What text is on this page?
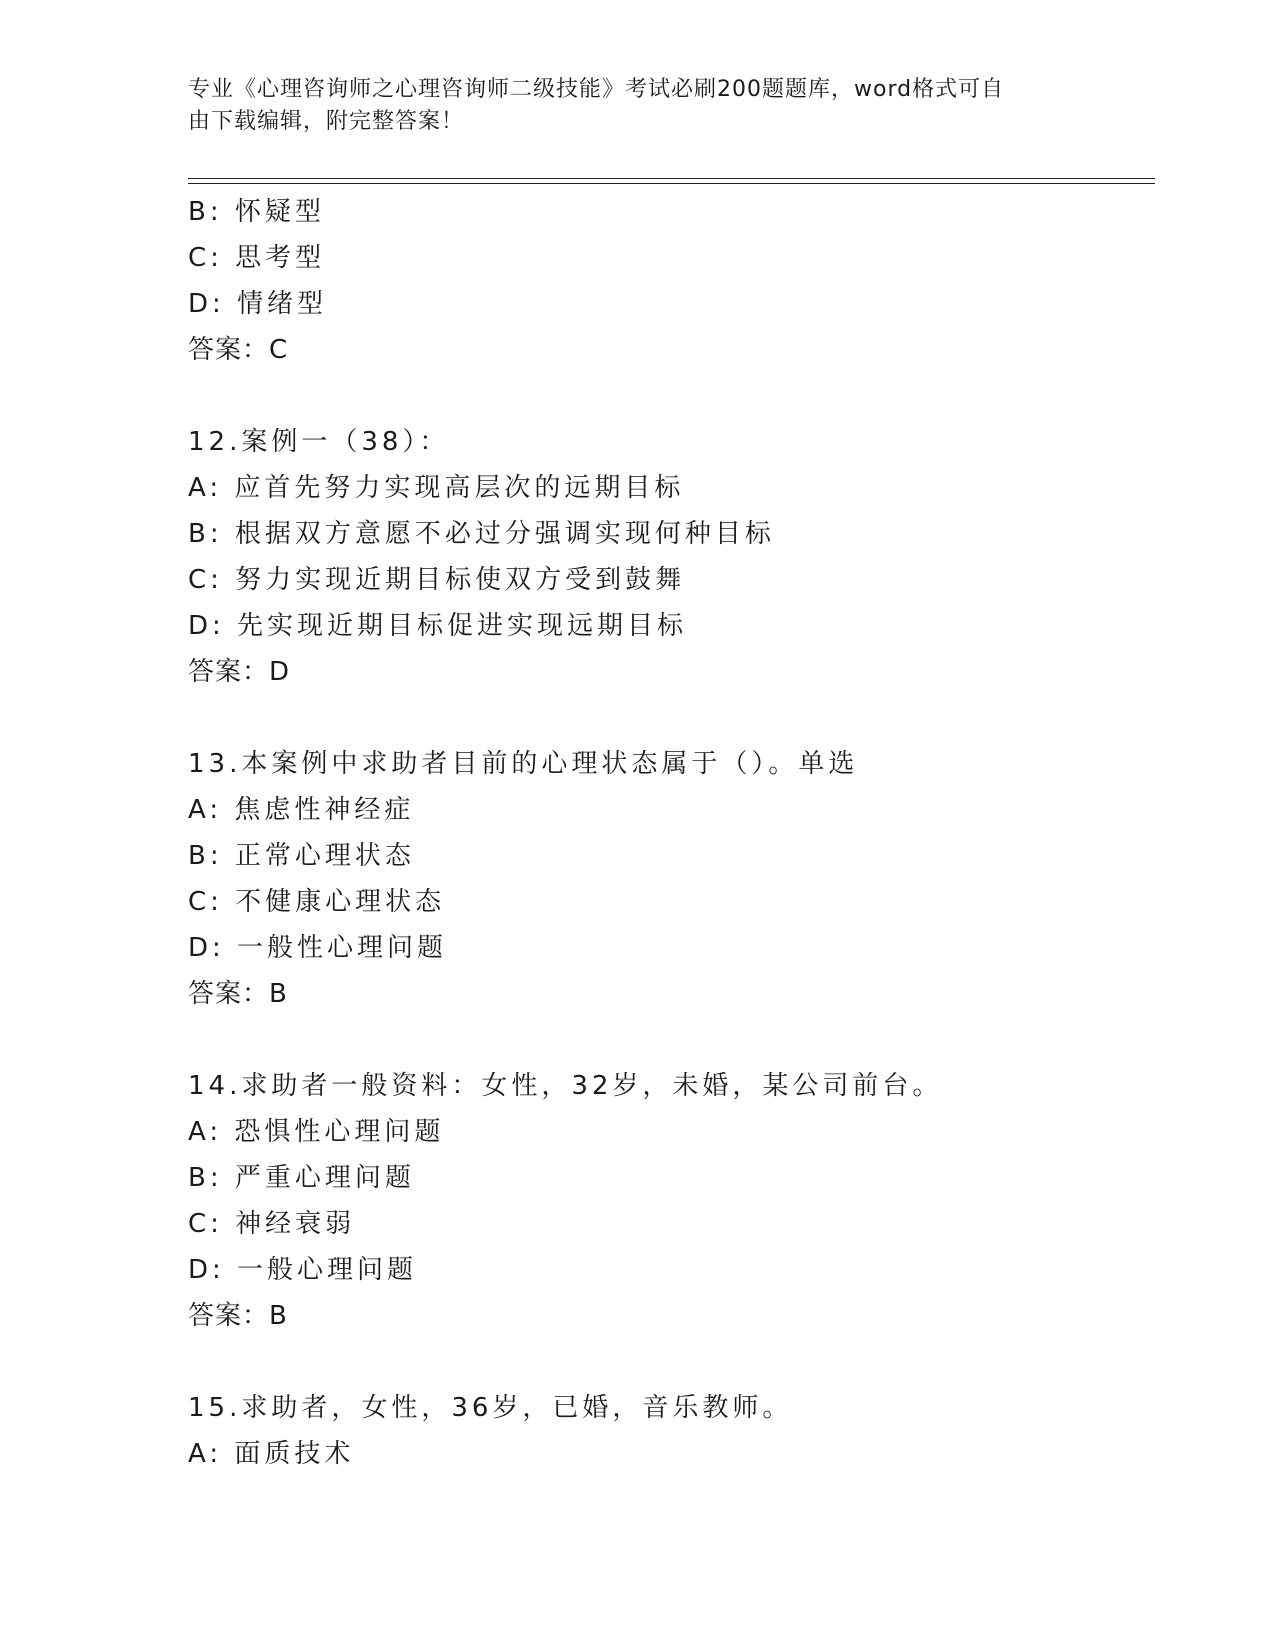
专业《心理咨询师之心理咨询师二级技能》考试必刷200题题库，word格式可自
由下载编辑，附完整答案！
B: 怀疑型
C: 思考型
D: 情绪型
答案：C
12.案例一（38）：
A: 应首先努力实现高层次的远期目标
B: 根据双方意愿不必过分强调实现何种目标
C: 努力实现近期目标使双方受到鼓舞
D: 先实现近期目标促进实现远期目标
答案：D
13.本案例中求助者目前的心理状态属于（）。单选
A: 焦虑性神经症
B: 正常心理状态
C: 不健康心理状态
D: 一般性心理问题
答案：B
14.求助者一般资料：女性，32岁，未婚，某公司前台。
A: 恐惧性心理问题
B: 严重心理问题
C: 神经衰弱
D: 一般心理问题
答案：B
15.求助者，女性，36岁，已婚，音乐教师。
A: 面质技术
